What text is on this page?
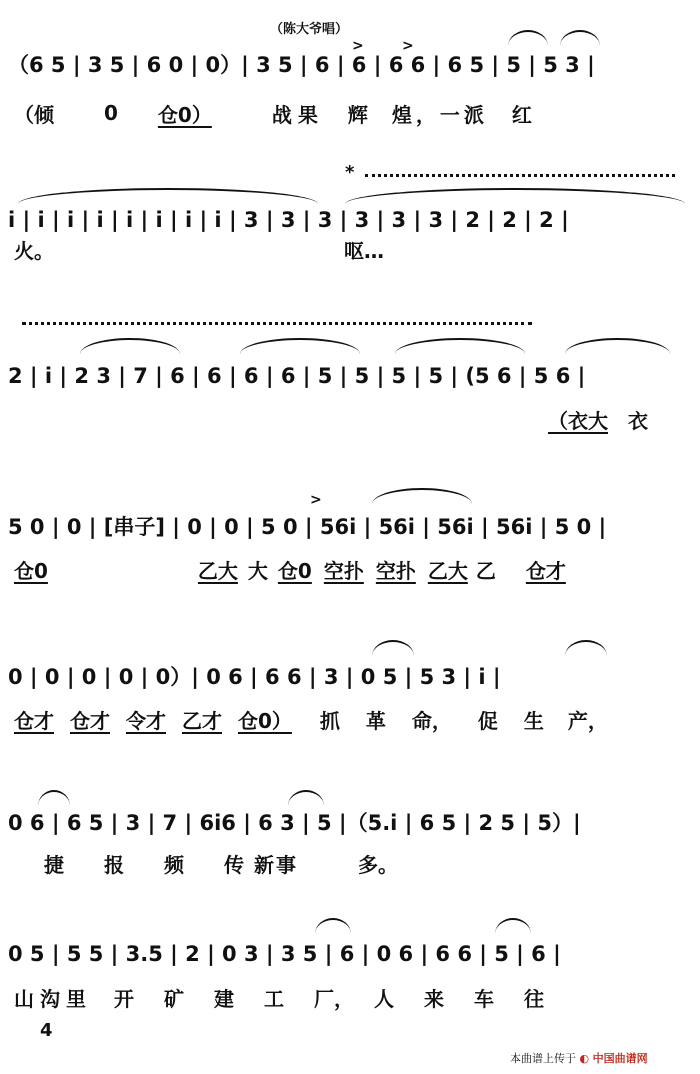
（陈大爷唱）
>	>
>
*
（6 5 | 3 5 | 6 0 | 0）| 3 5 | 6 | 6 | 6 6 | 6 5 | 5 | 5 3 |
（倾	0 仓0）	战果 辉 煌，一派 红
i | i | i | i | i | i | i | i | 3 | 3 | 3 | 3 | 3 | 3 | 2 | 2 | 2 |
火。	呕…
2 | i | 2 3 | 7 | 6 | 6 | 6 | 6 | 5 | 5 | 5 | 5 | (5 6 | 5 6 |
（衣大 衣
5 0 | 0 | [串子] | 0 | 0 | 5 0 | 56i | 56i | 56i | 56i | 5 0 |
仓0	乙大 大 仓0 空扑 空扑 乙大 乙 仓才
0 | 0 | 0 | 0 | 0）| 0 6 | 6 6 | 3 | 0 5 | 5 3 | i |
仓才 仓才 令才 乙才 仓0） 抓 革 命， 促 生 产，
0 6 | 6 5 | 3 | 7 | 6i6 | 6 3 | 5 |（5.i | 6 5 | 2 5 | 5）|
捷 报 频 传 新事	多。
0 5 | 5 5 | 3.5 | 2 | 0 3 | 3 5 | 6 | 0 6 | 6 6 | 5 | 6 |
山沟里 开 矿 建 工 厂， 人 来 车 往
4
本曲谱上传于 ◐ 中国曲谱网
